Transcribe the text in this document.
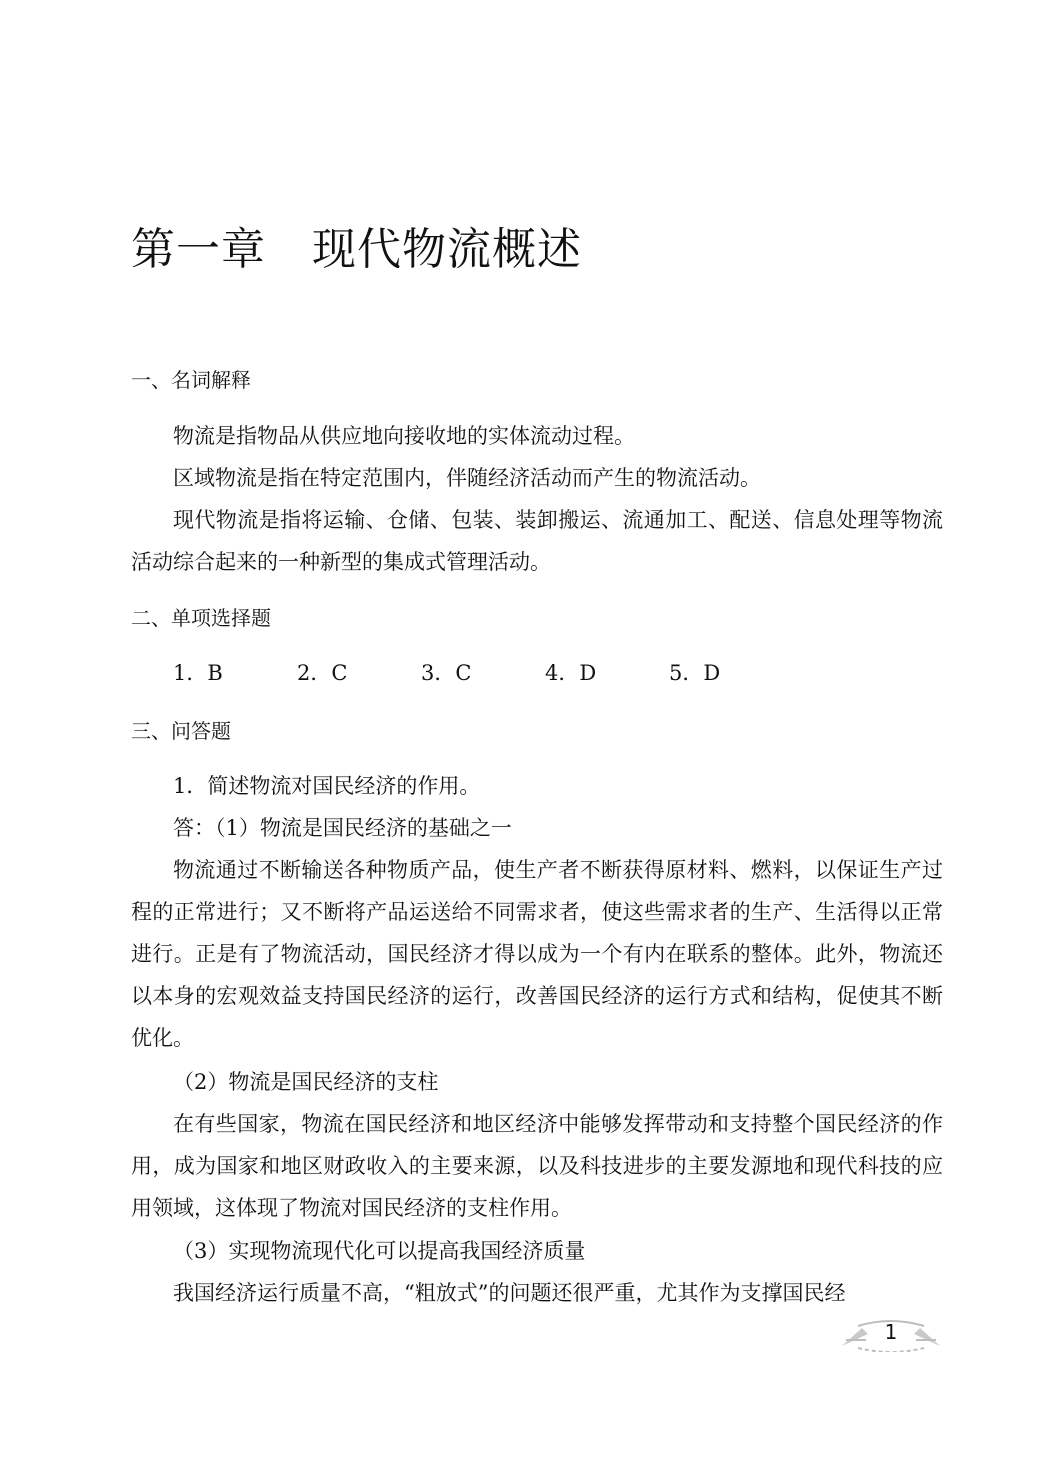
第一章 现代物流概述
一、名词解释
物流是指物品从供应地向接收地的实体流动过程。
区域物流是指在特定范围内，伴随经济活动而产生的物流活动。
现代物流是指将运输、仓储、包装、装卸搬运、流通加工、配送、信息处理等物流活动综合起来的一种新型的集成式管理活动。
二、单项选择题
1．B	2．C	3．C	4．D	5．D
三、问答题
1．简述物流对国民经济的作用。
答：（1）物流是国民经济的基础之一
物流通过不断输送各种物质产品，使生产者不断获得原材料、燃料，以保证生产过程的正常进行；又不断将产品运送给不同需求者，使这些需求者的生产、生活得以正常进行。正是有了物流活动，国民经济才得以成为一个有内在联系的整体。此外，物流还以本身的宏观效益支持国民经济的运行，改善国民经济的运行方式和结构，促使其不断优化。
（2）物流是国民经济的支柱
在有些国家，物流在国民经济和地区经济中能够发挥带动和支持整个国民经济的作用，成为国家和地区财政收入的主要来源，以及科技进步的主要发源地和现代科技的应用领域，这体现了物流对国民经济的支柱作用。
（3）实现物流现代化可以提高我国经济质量
我国经济运行质量不高，“粗放式”的问题还很严重，尤其作为支撑国民经
1
